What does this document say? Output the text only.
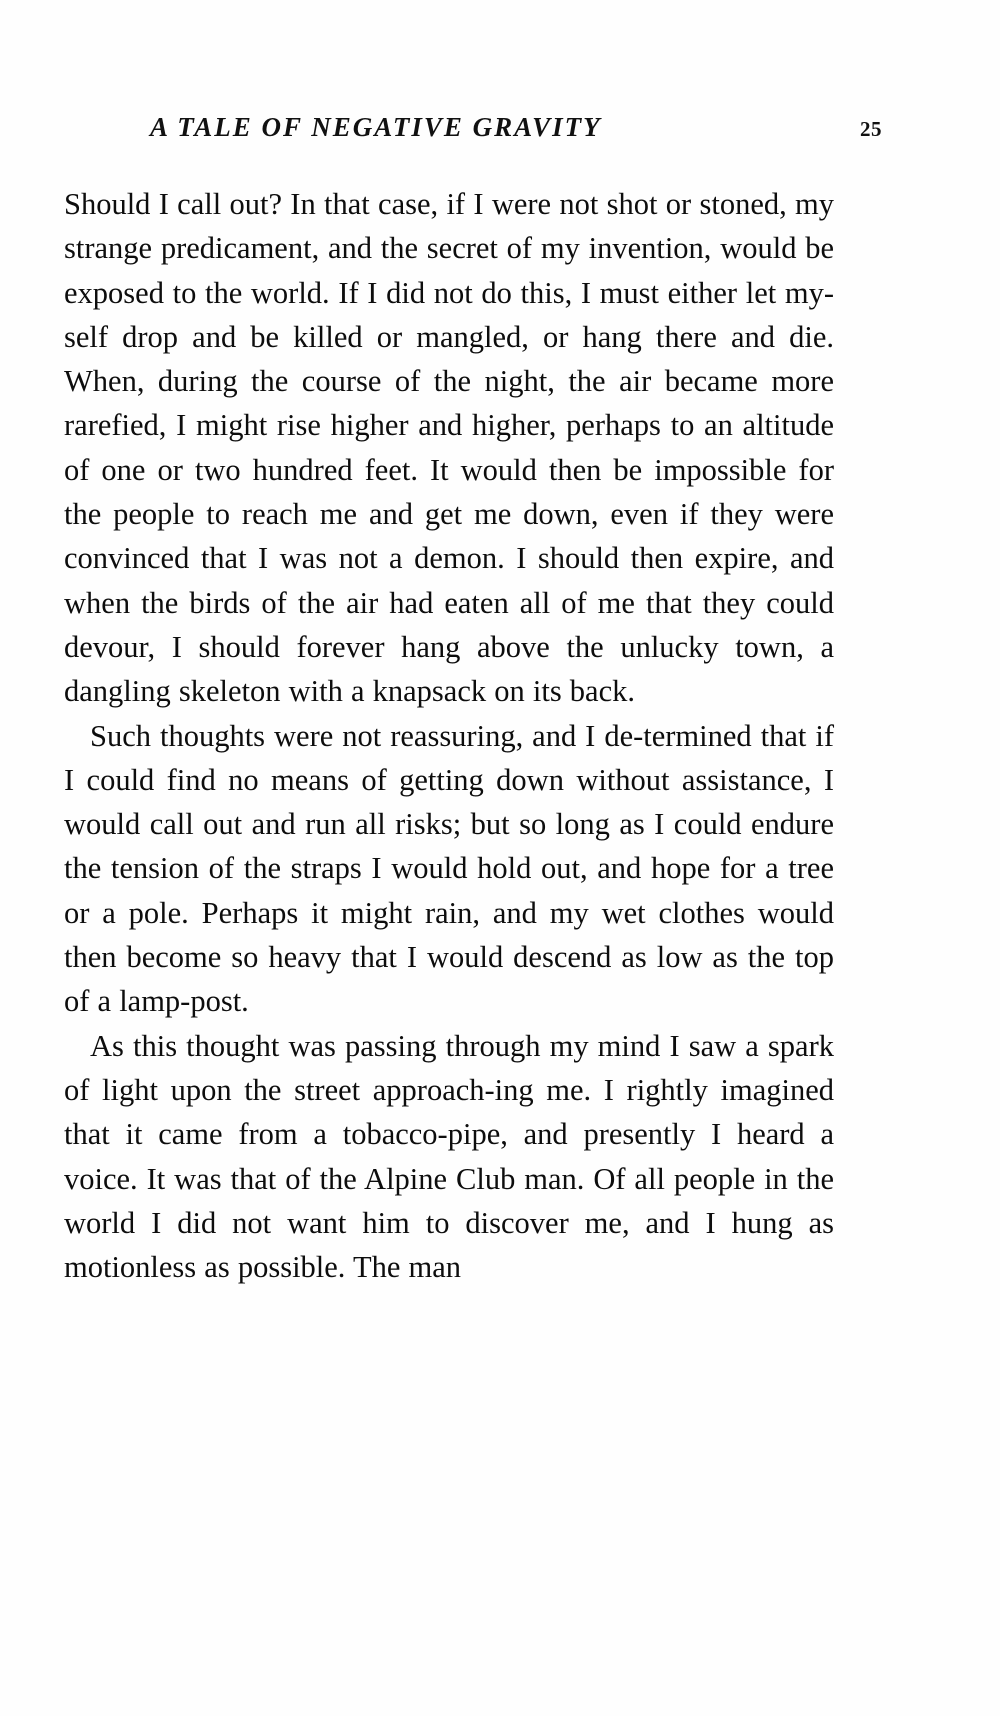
A TALE OF NEGATIVE GRAVITY	25

Should I call out? In that case, if I were not shot or stoned, my strange predicament, and the secret of my invention, would be exposed to the world. If I did not do this, I must either let my-self drop and be killed or mangled, or hang there and die. When, during the course of the night, the air became more rarefied, I might rise higher and higher, perhaps to an altitude of one or two hundred feet. It would then be impossible for the people to reach me and get me down, even if they were convinced that I was not a demon. I should then expire, and when the birds of the air had eaten all of me that they could devour, I should forever hang above the unlucky town, a dangling skeleton with a knapsack on its back.

Such thoughts were not reassuring, and I de-termined that if I could find no means of getting down without assistance, I would call out and run all risks; but so long as I could endure the tension of the straps I would hold out, and hope for a tree or a pole. Perhaps it might rain, and my wet clothes would then become so heavy that I would descend as low as the top of a lamp-post.

As this thought was passing through my mind I saw a spark of light upon the street approach-ing me. I rightly imagined that it came from a tobacco-pipe, and presently I heard a voice. It was that of the Alpine Club man. Of all people in the world I did not want him to discover me, and I hung as motionless as possible. The man
